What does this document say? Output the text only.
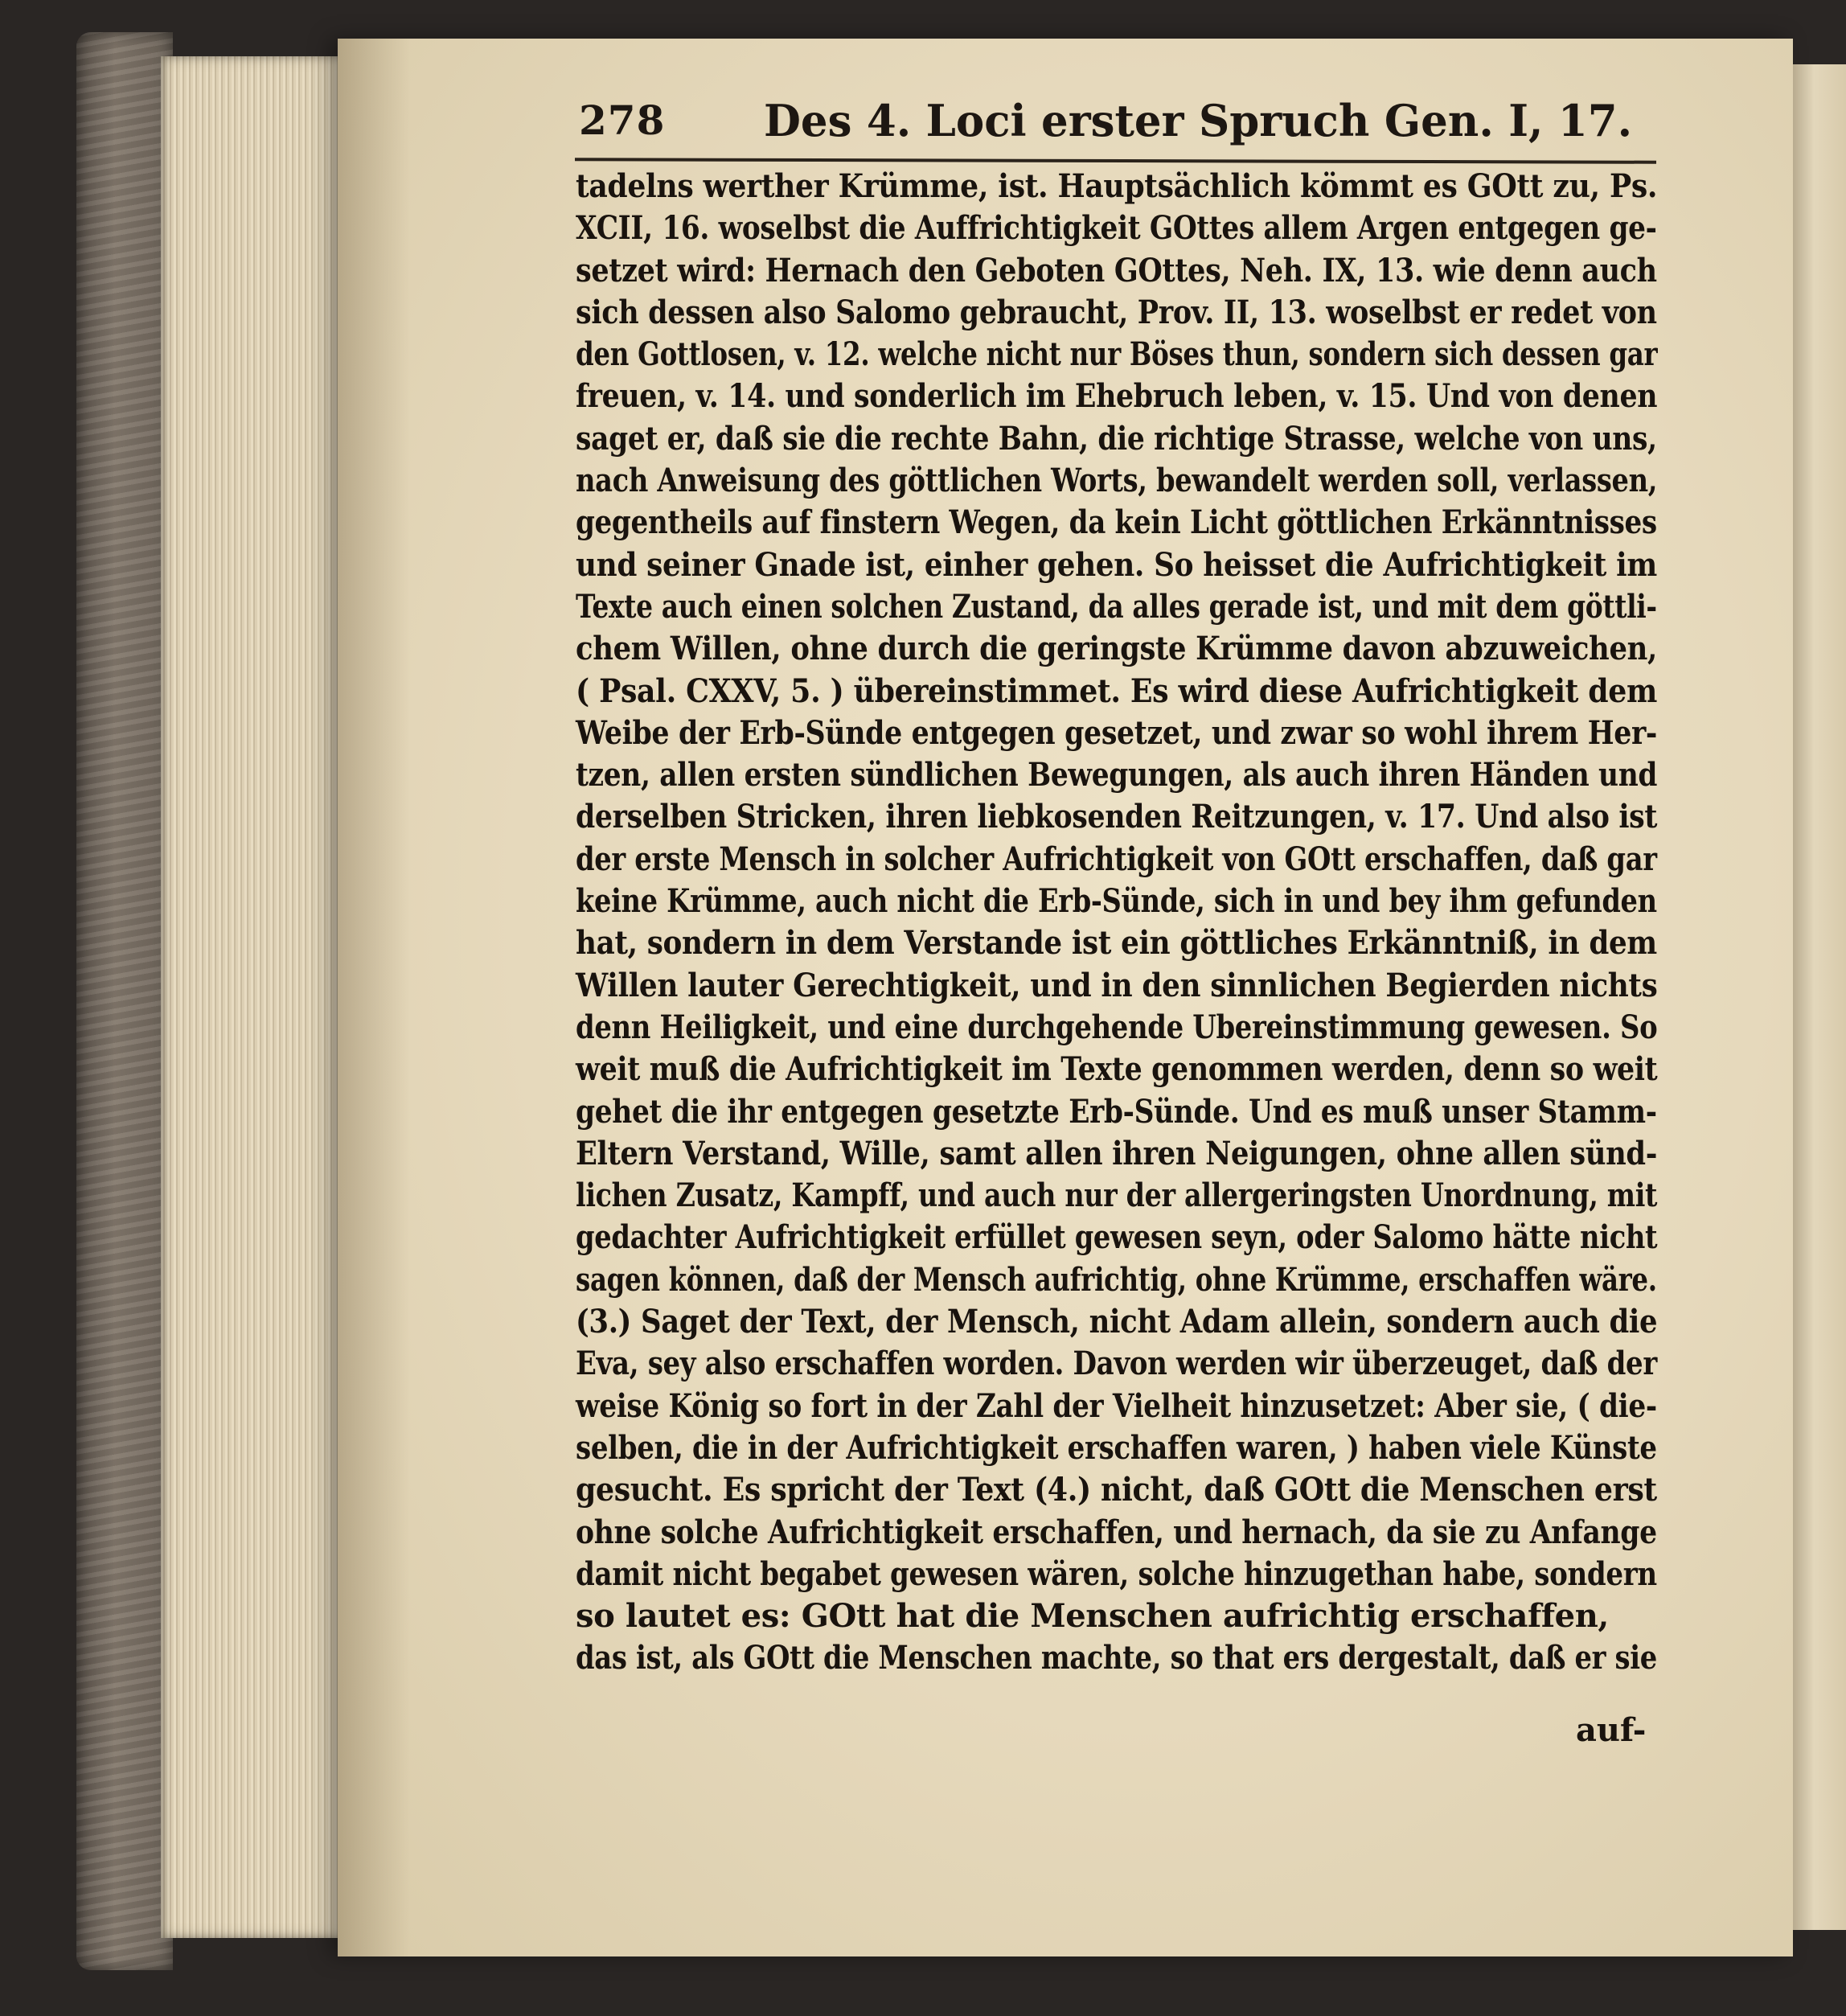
278 Des 4. Loci erster Spruch Gen. I, 17.
tadelns werther Krümme, ist. Hauptsächlich kömmt es GOtt zu, Ps.
XCII, 16. woselbst die Auffrichtigkeit GOttes allem Argen entgegen ge-
setzet wird: Hernach den Geboten GOttes, Neh. IX, 13. wie denn auch
sich dessen also Salomo gebraucht, Prov. II, 13. woselbst er redet von
den Gottlosen, v. 12. welche nicht nur Böses thun, sondern sich dessen gar
freuen, v. 14. und sonderlich im Ehebruch leben, v. 15. Und von denen
saget er, daß sie die rechte Bahn, die richtige Strasse, welche von uns,
nach Anweisung des göttlichen Worts, bewandelt werden soll, verlassen,
gegentheils auf finstern Wegen, da kein Licht göttlichen Erkänntnisses
und seiner Gnade ist, einher gehen. So heisset die Aufrichtigkeit im
Texte auch einen solchen Zustand, da alles gerade ist, und mit dem göttli-
chem Willen, ohne durch die geringste Krümme davon abzuweichen,
( Psal. CXXV, 5. ) übereinstimmet. Es wird diese Aufrichtigkeit dem
Weibe der Erb-Sünde entgegen gesetzet, und zwar so wohl ihrem Her-
tzen, allen ersten sündlichen Bewegungen, als auch ihren Händen und
derselben Stricken, ihren liebkosenden Reitzungen, v. 17. Und also ist
der erste Mensch in solcher Aufrichtigkeit von GOtt erschaffen, daß gar
keine Krümme, auch nicht die Erb-Sünde, sich in und bey ihm gefunden
hat, sondern in dem Verstande ist ein göttliches Erkänntniß, in dem
Willen lauter Gerechtigkeit, und in den sinnlichen Begierden nichts
denn Heiligkeit, und eine durchgehende Ubereinstimmung gewesen. So
weit muß die Aufrichtigkeit im Texte genommen werden, denn so weit
gehet die ihr entgegen gesetzte Erb-Sünde. Und es muß unser Stamm-
Eltern Verstand, Wille, samt allen ihren Neigungen, ohne allen sünd-
lichen Zusatz, Kampff, und auch nur der allergeringsten Unordnung, mit
gedachter Aufrichtigkeit erfüllet gewesen seyn, oder Salomo hätte nicht
sagen können, daß der Mensch aufrichtig, ohne Krümme, erschaffen wäre.
(3.) Saget der Text, der Mensch, nicht Adam allein, sondern auch die
Eva, sey also erschaffen worden. Davon werden wir überzeuget, daß der
weise König so fort in der Zahl der Vielheit hinzusetzet: Aber sie, ( die-
selben, die in der Aufrichtigkeit erschaffen waren, ) haben viele Künste
gesucht. Es spricht der Text (4.) nicht, daß GOtt die Menschen erst
ohne solche Aufrichtigkeit erschaffen, und hernach, da sie zu Anfange
damit nicht begabet gewesen wären, solche hinzugethan habe, sondern
so lautet es: GOtt hat die Menschen aufrichtig erschaffen,
das ist, als GOtt die Menschen machte, so that ers dergestalt, daß er sie
auf-
